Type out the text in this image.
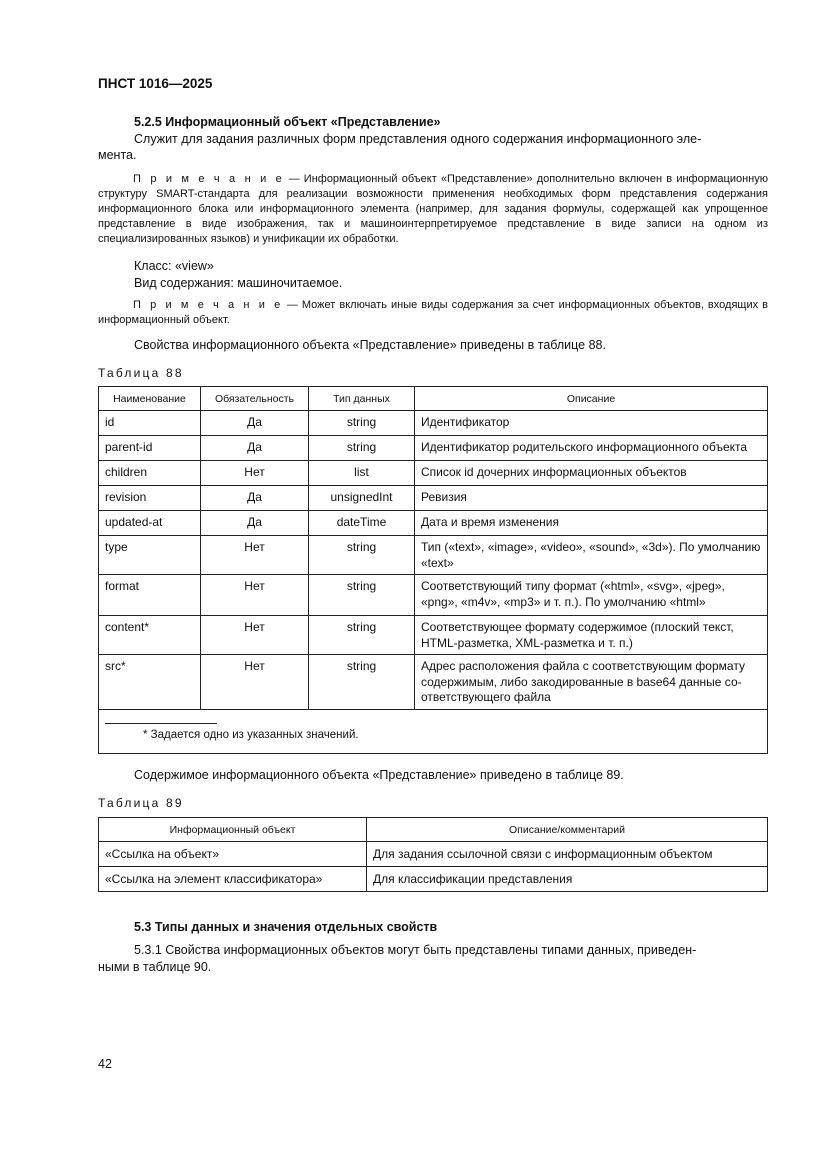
ПНСТ 1016—2025
5.2.5 Информационный объект «Представление»
Служит для задания различных форм представления одного содержания информационного эле-
мента.
П р и м е ч а н и е — Информационный объект «Представление» дополнительно включен в информационную структуру SMART-стандарта для реализации возможности применения необходимых форм представления содержания информационного блока или информационного элемента (например, для задания формулы, содержащей как упрощенное представление в виде изображения, так и машиноинтерпретируемое представление в виде записи на одном из специализированных языков) и унификации их обработки.
Класс: «view»
Вид содержания: машиночитаемое.
П р и м е ч а н и е — Может включать иные виды содержания за счет информационных объектов, входящих в информационный объект.
Свойства информационного объекта «Представление» приведены в таблице 88.
Таблица 88
Наименование	Обязательность	Тип данных	Описание
id	Да	string	Идентификатор
parent-id	Да	string	Идентификатор родительского информационного объекта
children	Нет	list	Список id дочерних информационных объектов
revision	Да	unsignedInt	Ревизия
updated-at	Да	dateTime	Дата и время изменения
type	Нет	string	Тип («text», «image», «video», «sound», «3d»). По умолчанию «text»
format	Нет	string	Соответствующий типу формат («html», «svg», «jpeg», «png», «m4v», «mp3» и т. п.). По умолчанию «html»
content*	Нет	string	Соответствующее формату содержимое (плоский текст, HTML-разметка, XML-разметка и т. п.)
src*	Нет	string	Адрес расположения файла с соответствующим формату содержимым, либо закодированные в base64 данные соответствующего файла

* Задается одно из указанных значений.			
Содержимое информационного объекта «Представление» приведено в таблице 89.
Таблица 89
Информационный объект	Описание/комментарий
«Ссылка на объект»	Для задания ссылочной связи с информационным объектом
«Ссылка на элемент классификатора»	Для классификации представления
5.3 Типы данных и значения отдельных свойств
5.3.1 Свойства информационных объектов могут быть представлены типами данных, приведен-
ными в таблице 90.
42
